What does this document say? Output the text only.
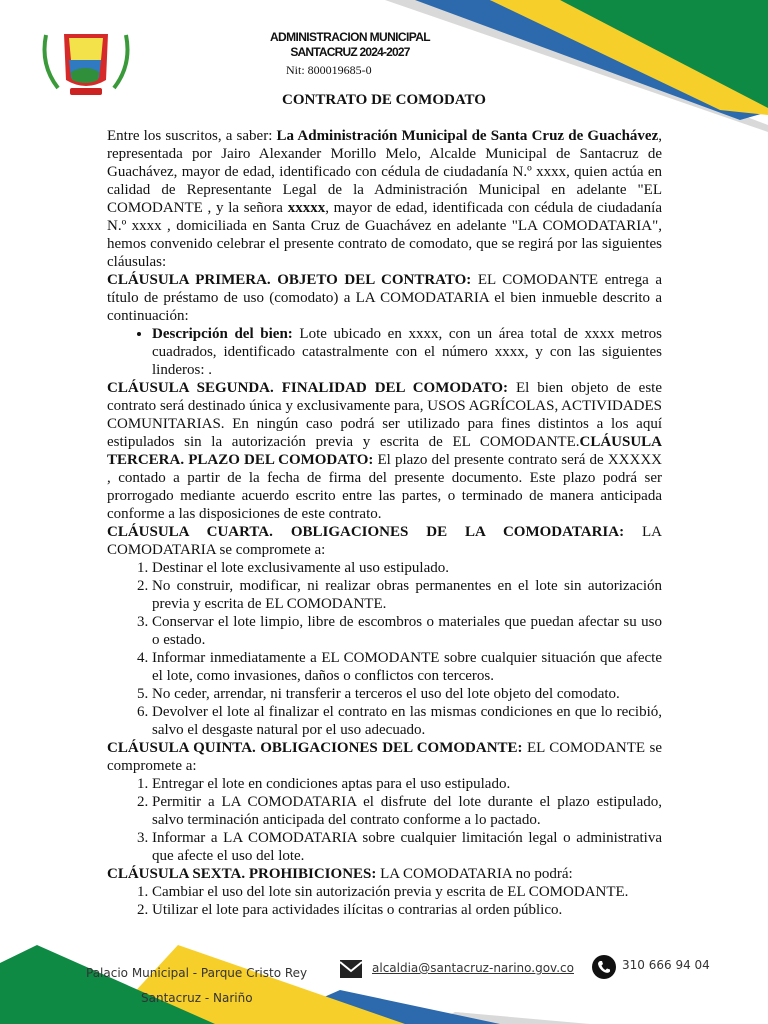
ADMINISTRACION MUNICIPAL
SANTACRUZ 2024-2027
Nit: 800019685-0
CONTRATO DE COMODATO

Entre los suscritos, a saber: La Administración Municipal de Santa Cruz de Guachávez, representada por Jairo Alexander Morillo Melo, Alcalde Municipal de Santacruz de Guachávez, mayor de edad, identificado con cédula de ciudadanía N.º xxxx, quien actúa en calidad de Representante Legal de la Administración Municipal en adelante "EL COMODANTE , y la señora xxxxx, mayor de edad, identificada con cédula de ciudadanía N.º xxxx , domiciliada en Santa Cruz de Guachávez en adelante "LA COMODATARIA", hemos convenido celebrar el presente contrato de comodato, que se regirá por las siguientes cláusulas:

CLÁUSULA PRIMERA. OBJETO DEL CONTRATO: EL COMODANTE entrega a título de préstamo de uso (comodato) a LA COMODATARIA el bien inmueble descrito a continuación:

• Descripción del bien: Lote ubicado en xxxx, con un área total de xxxx metros cuadrados, identificado catastralmente con el número xxxx, y con las siguientes linderos: .

CLÁUSULA SEGUNDA. FINALIDAD DEL COMODATO: El bien objeto de este contrato será destinado única y exclusivamente para, USOS AGRÍCOLAS, ACTIVIDADES COMUNITARIAS. En ningún caso podrá ser utilizado para fines distintos a los aquí estipulados sin la autorización previa y escrita de EL COMODANTE.CLÁUSULA TERCERA. PLAZO DEL COMODATO: El plazo del presente contrato será de XXXXX , contado a partir de la fecha de firma del presente documento. Este plazo podrá ser prorrogado mediante acuerdo escrito entre las partes, o terminado de manera anticipada conforme a las disposiciones de este contrato.

CLÁUSULA CUARTA. OBLIGACIONES DE LA COMODATARIA: LA COMODATARIA se compromete a:

1. Destinar el lote exclusivamente al uso estipulado.
2. No construir, modificar, ni realizar obras permanentes en el lote sin autorización previa y escrita de EL COMODANTE.
3. Conservar el lote limpio, libre de escombros o materiales que puedan afectar su uso o estado.
4. Informar inmediatamente a EL COMODANTE sobre cualquier situación que afecte el lote, como invasiones, daños o conflictos con terceros.
5. No ceder, arrendar, ni transferir a terceros el uso del lote objeto del comodato.
6. Devolver el lote al finalizar el contrato en las mismas condiciones en que lo recibió, salvo el desgaste natural por el uso adecuado.

CLÁUSULA QUINTA. OBLIGACIONES DEL COMODANTE: EL COMODANTE se compromete a:

1. Entregar el lote en condiciones aptas para el uso estipulado.
2. Permitir a LA COMODATARIA el disfrute del lote durante el plazo estipulado, salvo terminación anticipada del contrato conforme a lo pactado.
3. Informar a LA COMODATARIA sobre cualquier limitación legal o administrativa que afecte el uso del lote.

CLÁUSULA SEXTA. PROHIBICIONES: LA COMODATARIA no podrá:

1. Cambiar el uso del lote sin autorización previa y escrita de EL COMODANTE.
2. Utilizar el lote para actividades ilícitas o contrarias al orden público.
Palacio Municipal - Parque Cristo Rey
Santacruz - Nariño
alcaldia@santacruz-narino.gov.co	310 666 94 04
